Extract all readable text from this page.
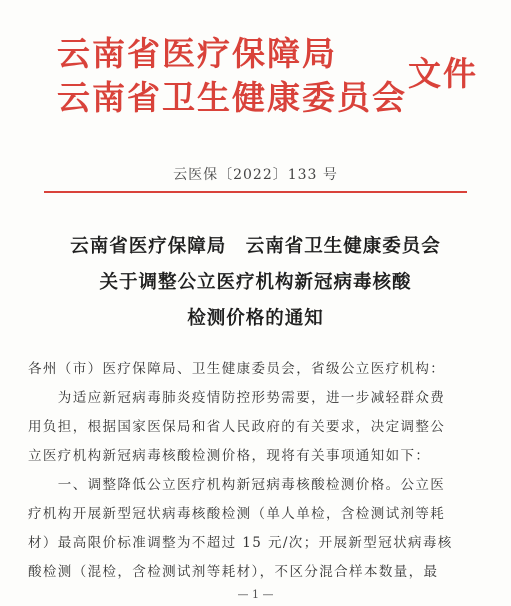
云南省医疗保障局
云南省卫生健康委员会
文件
云医保〔2022〕133 号
云南省医疗保障局　云南省卫生健康委员会
关于调整公立医疗机构新冠病毒核酸
检测价格的通知
各州（市）医疗保障局、卫生健康委员会，省级公立医疗机构：
　　为适应新冠病毒肺炎疫情防控形势需要，进一步减轻群众费
用负担，根据国家医保局和省人民政府的有关要求，决定调整公
立医疗机构新冠病毒核酸检测价格，现将有关事项通知如下：
　　一、调整降低公立医疗机构新冠病毒核酸检测价格。公立医
疗机构开展新型冠状病毒核酸检测（单人单检，含检测试剂等耗
材）最高限价标准调整为不超过 15 元/次；开展新型冠状病毒核
酸检测（混检，含检测试剂等耗材），不区分混合样本数量，最
— 1 —
